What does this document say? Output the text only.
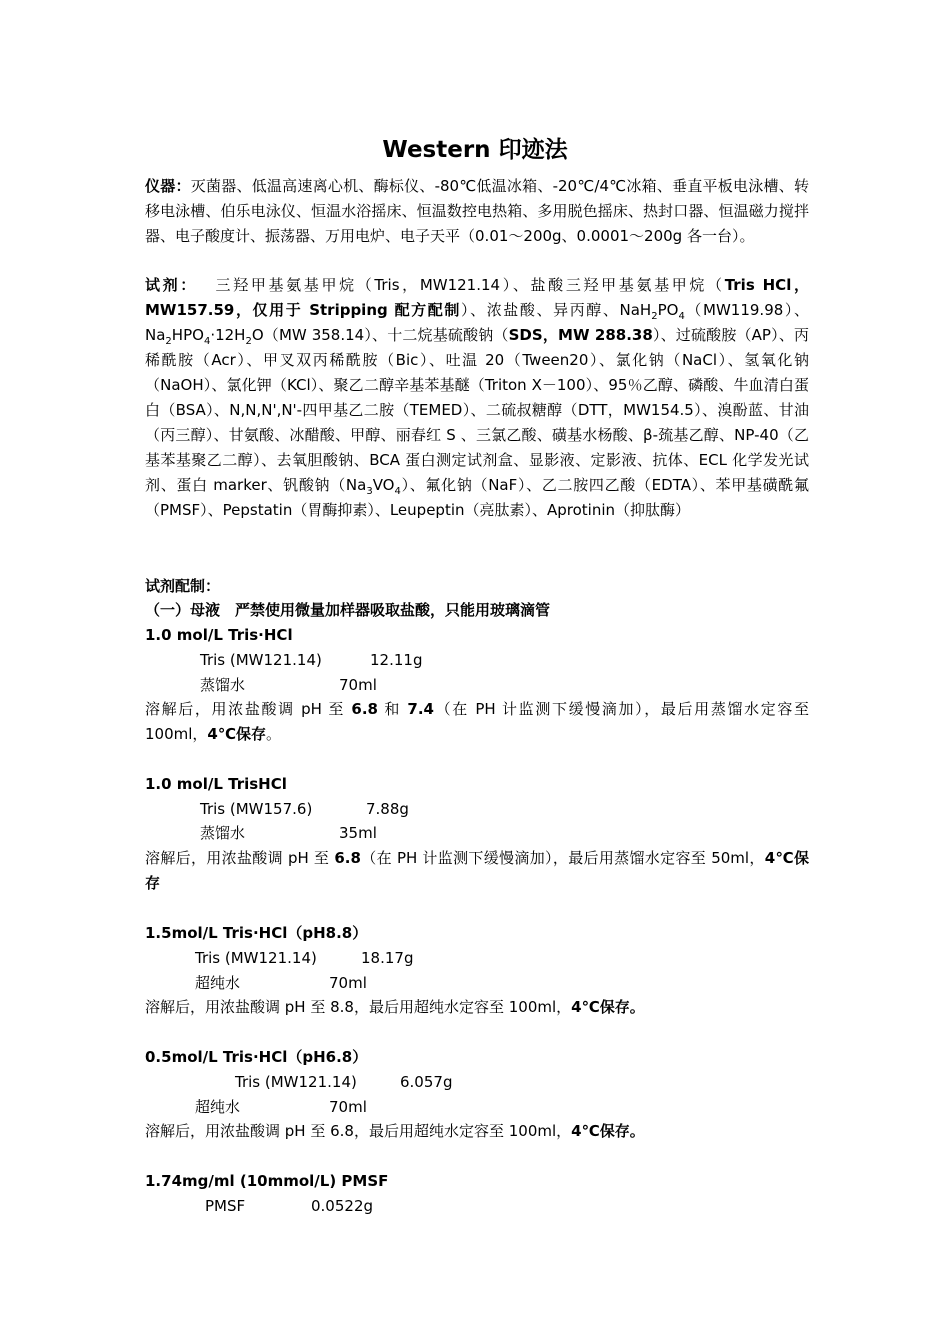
Western 印迹法
仪器：灭菌器、低温高速离心机、酶标仪、-80℃低温冰箱、-20℃/4℃冰箱、垂直平板电泳槽、转移电泳槽、伯乐电泳仪、恒温水浴摇床、恒温数控电热箱、多用脱色摇床、热封口器、恒温磁力搅拌器、电子酸度计、振荡器、万用电炉、电子天平（0.01～200g、0.0001～200g 各一台）。
试剂：　 三羟甲基氨基甲烷（Tris，MW121.14）、盐酸三羟甲基氨基甲烷（Tris HCl，MW157.59，仅用于 Stripping 配方配制）、浓盐酸、异丙醇、$NaH_2PO_4(MW119.98)$、$Na_2HPO_4\cdot 12H_2O(MW$ 358.14）、十二烷基硫酸钠（SDS，MW 288.38）、过硫酸胺（AP）、丙稀酰胺（Acr）、甲叉双丙稀酰胺（Bic）、吐温 20（Tween20）、氯化钠（NaCl）、氢氧化钠（NaOH）、氯化钾（KCl）、聚乙二醇辛基苯基醚（Triton X－100）、95％乙醇、磷酸、牛血清白蛋白（BSA）、N,N,N',N'-四甲基乙二胺（TEMED）、二硫叔糖醇（DTT，MW154.5）、溴酚蓝、甘油（丙三醇）、甘氨酸、冰醋酸、甲醇、丽春红 S 、三氯乙酸、磺基水杨酸、β-巯基乙醇、NP-40（乙基苯基聚乙二醇）、去氧胆酸钠、BCA 蛋白测定试剂盒、显影液、定影液、抗体、ECL 化学发光试剂、蛋白 marker、钒酸钠$(Na_3VO_4)$、氟化钠（NaF）、乙二胺四乙酸（EDTA）、苯甲基磺酰氟（PMSF）、Pepstatin（胃酶抑素）、Leupeptin（亮肽素）、Aprotinin（抑肽酶）
试剂配制：
（一）母液　严禁使用微量加样器吸取盐酸，只能用玻璃滴管
1.0 mol/L Tris·HCl
Tris (MW121.14)	12.11g
蒸馏水	70ml
溶解后，用浓盐酸调 pH 至 6.8 和 7.4（在 PH 计监测下缓慢滴加），最后用蒸馏水定容至 100ml，4℃保存。
1.0 mol/L TrisHCl
Tris (MW157.6)	7.88g
蒸馏水	35ml
溶解后，用浓盐酸调 pH 至 6.8（在 PH 计监测下缓慢滴加），最后用蒸馏水定容至 50ml，4℃保存
1.5mol/L Tris·HCl（pH8.8）
Tris (MW121.14)	18.17g
超纯水	70ml
溶解后，用浓盐酸调 pH 至 8.8，最后用超纯水定容至 100ml，4℃保存。
0.5mol/L Tris·HCl（pH6.8）
Tris (MW121.14)	6.057g
超纯水	70ml
溶解后，用浓盐酸调 pH 至 6.8，最后用超纯水定容至 100ml，4℃保存。
1.74mg/ml (10mmol/L) PMSF
PMSF	0.0522g
